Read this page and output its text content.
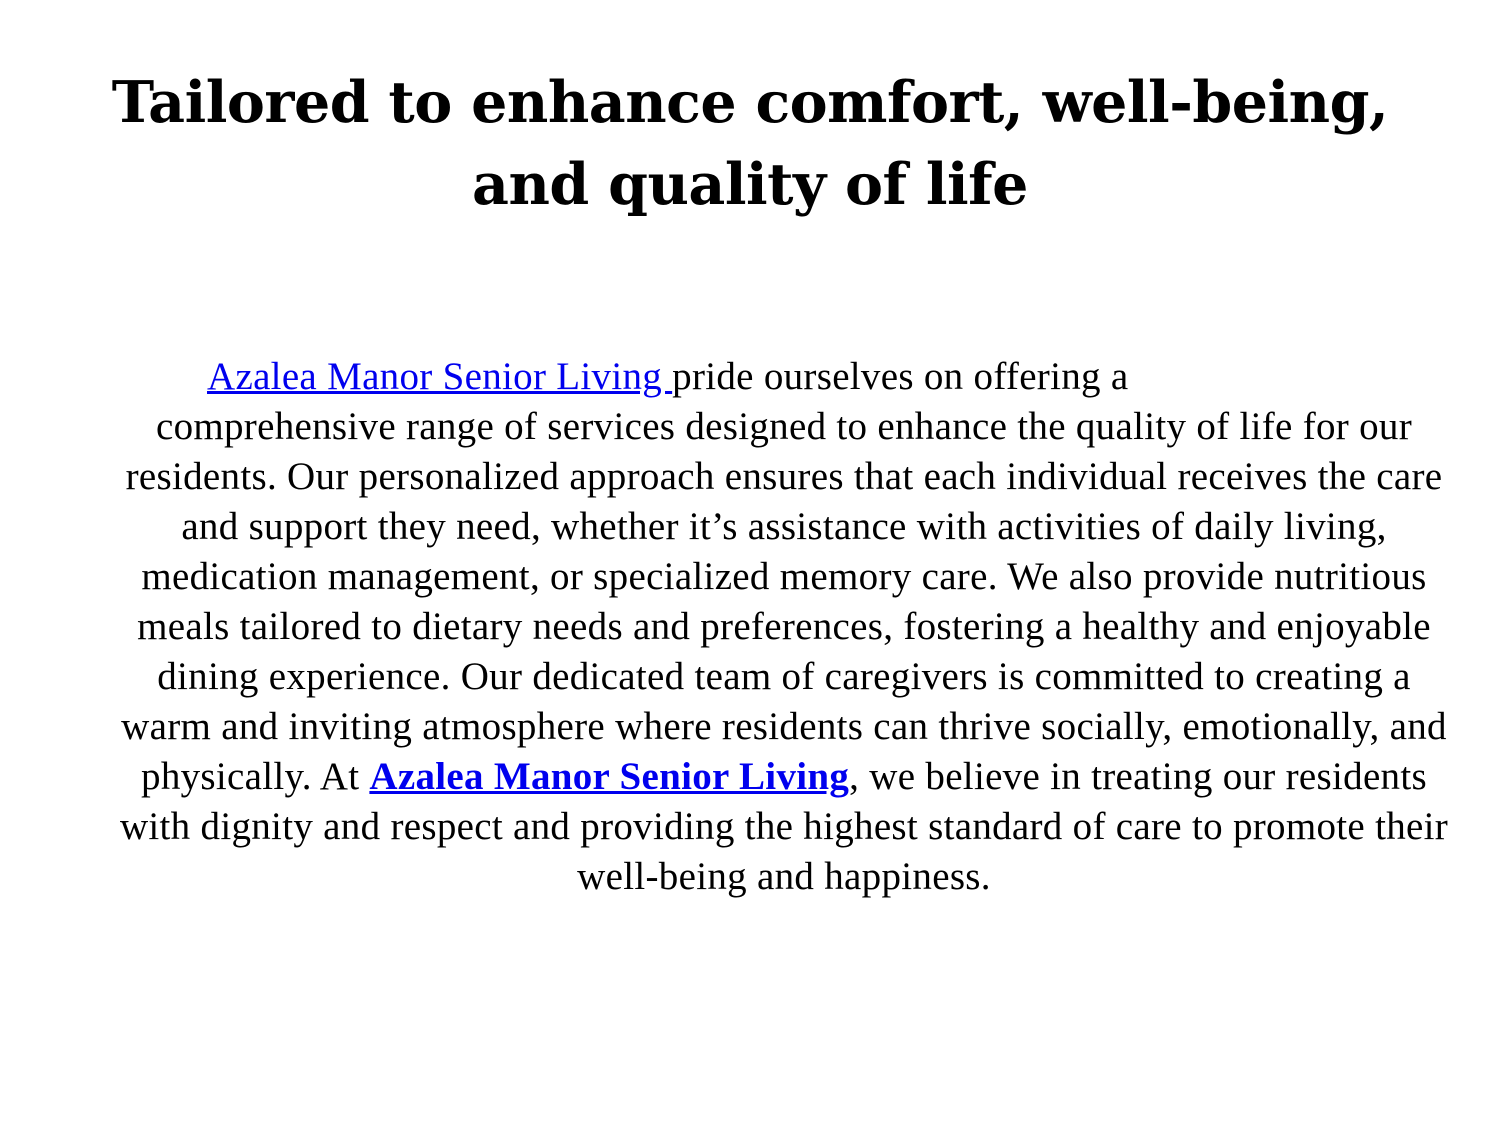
Tailored to enhance comfort, well-being, and quality of life

Azalea Manor Senior Living pride ourselves on offering a
comprehensive range of services designed to enhance the quality of life for our residents. Our personalized approach ensures that each individual receives the care and support they need, whether it’s assistance with activities of daily living, medication management, or specialized memory care. We also provide nutritious meals tailored to dietary needs and preferences, fostering a healthy and enjoyable dining experience. Our dedicated team of caregivers is committed to creating a warm and inviting atmosphere where residents can thrive socially, emotionally, and physically. At Azalea Manor Senior Living, we believe in treating our residents with dignity and respect and providing the highest standard of care to promote their well-being and happiness.
